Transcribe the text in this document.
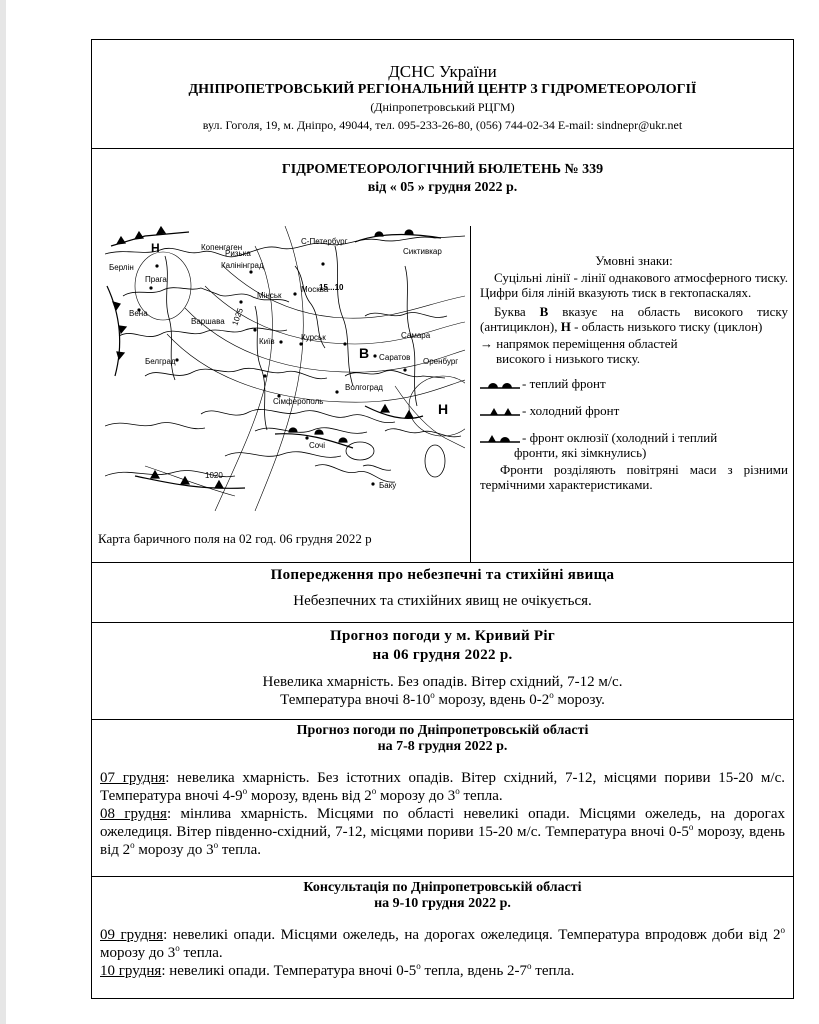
ДСНС України
ДНІПРОПЕТРОВСЬКИЙ РЕГІОНАЛЬНИЙ ЦЕНТР З ГІДРОМЕТЕОРОЛОГІЇ
(Дніпропетровський РЦГМ)
вул. Гоголя, 19, м. Дніпро, 49044, тел. 095-233-26-80, (056) 744-02-34 E-mail: sindnepr@ukr.net
ГІДРОМЕТЕОРОЛОГІЧНИЙ БЮЛЕТЕНЬ № 339
від « 05 » грудня 2022 р.
Н
В
Н
Берлін
Прага
Вена
Копенгаген
Калінінград
Ризька
С-Петербург
Сиктивкар
Москва
Мінськ
Варшава
Київ	Курськ	Самара
Саратов Оренбург
Белград
Сімферополь
Волгоград
Сочі
Баку
15...10
1025
1020
Карта баричного поля на 02 год. 06 грудня 2022 р

Умовні знаки:

Суцільні лінії - лінії однакового атмосферного тиску. Цифри біля ліній вказують тиск в гектопаскалях.

Буква В вказує на область високого тиску (антициклон), Н - область низького тиску (циклон)

→ напрямок переміщення областей

високого і низького тиску.

- теплий фронт
- холодний фронт
- фронт оклюзії (холодний і теплий

фронти, які зімкнулись)

Фронти розділяють повітряні маси з різними термічними характеристиками.

Попередження про небезпечні та стихійні явища
Небезпечних та стихійних явищ не очікується.
Прогноз погоди у м. Кривий Ріг
на 06 грудня 2022 р.
Невелика хмарність. Без опадів. Вітер східний, 7-12 м/с.
Температура вночі $8-10^о$ морозу, вдень $0-2^о$ морозу.
Прогноз погоди по Дніпропетровській області
на 7-8 грудня 2022 р.

07 грудня: невелика хмарність. Без істотних опадів. Вітер східний, 7-12, місцями пориви 15-20 м/с. Температура вночі $4-9^о$ морозу, вдень від $2^о$ морозу до $3^о$ тепла.

08 грудня: мінлива хмарність. Місцями по області невеликі опади. Місцями ожеледь, на дорогах ожеледиця. Вітер південно-східний, 7-12, місцями пориви 15-20 м/с. Температура вночі $0-5^о$ морозу, вдень від $2^о$ морозу до $3^о$ тепла.

Консультація по Дніпропетровській області
на 9-10 грудня 2022 р.

09 грудня: невеликі опади. Місцями ожеледь, на дорогах ожеледиця. Температура впродовж доби від $2^о$ морозу до $3^о$ тепла.

10 грудня: невеликі опади. Температура вночі $0-5^о$ тепла, вдень $2-7^о$ тепла.
